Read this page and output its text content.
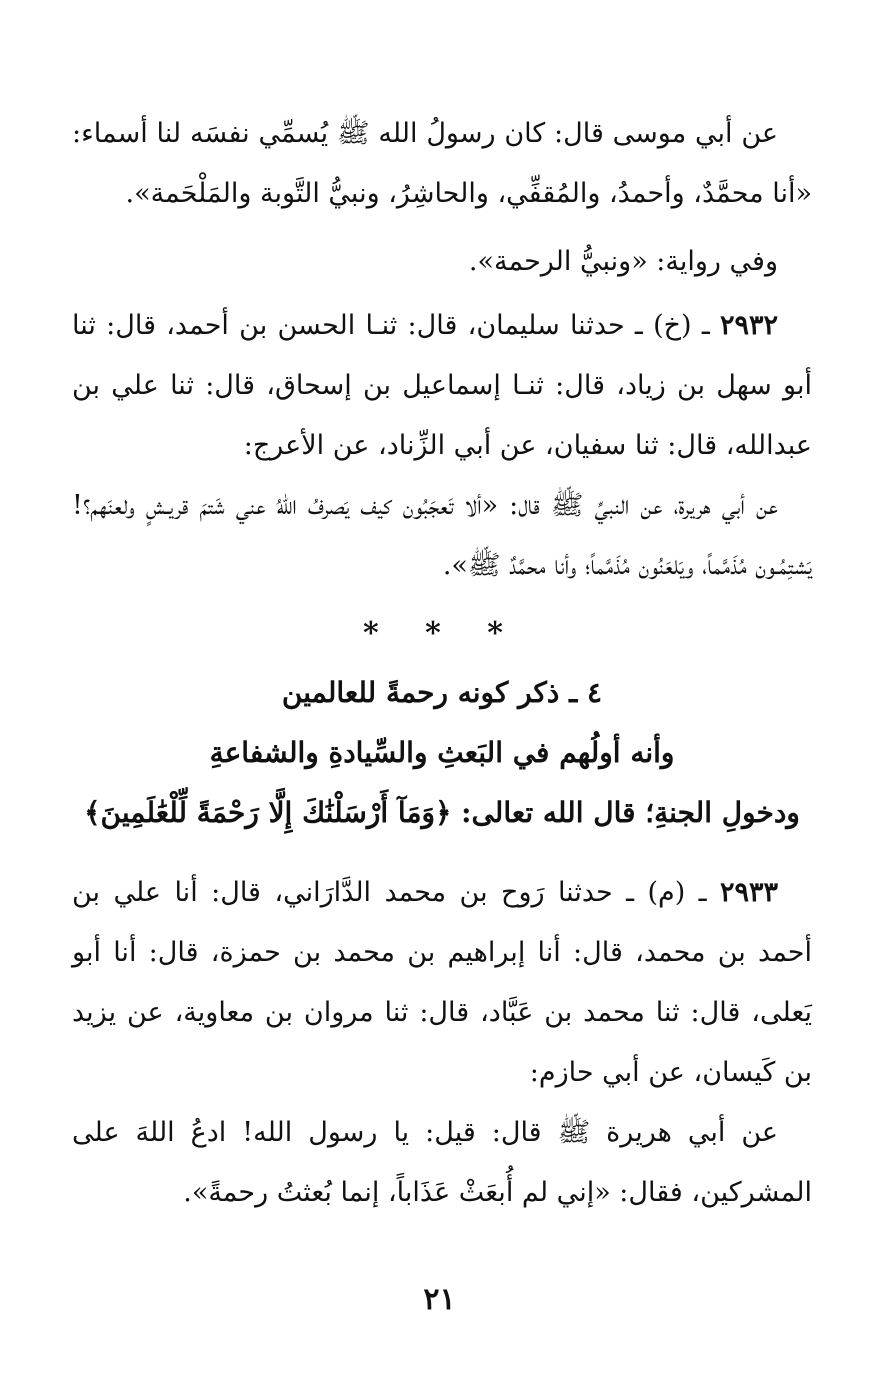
عن أبي موسى قال: كان رسولُ الله ﷺ يُسمِّي نفسَه لنا أسماء: «أنا محمَّدٌ، وأحمدُ، والمُقفِّي، والحاشِرُ، ونبيُّ التَّوبة والمَلْحَمة».

وفي رواية: «ونبيُّ الرحمة».

٢٩٣٢ ـ (خ) ـ حدثنا سليمان، قال: ثنـا الحسن بن أحمد، قال: ثنا أبو سهل بن زياد، قال: ثنـا إسماعيل بن إسحاق، قال: ثنا علي بن عبدالله، قال: ثنا سفيان، عن أبي الزِّناد، عن الأعرج:

عن أبي هريرة، عن النبيِّ ﷺ قال: «ألا تَعجَبُون كيف يَصرفُ اللهُ عني شَتمَ قريـشٍ ولعنَهم؟! يَشتِمُـون مُذَمَّماً، ويَلعَنُون مُذَمَّماً؛ وأنا محمَّدٌ ﷺ».

* * *

٤ ـ ذكر كونه رحمةً للعالمين

وأنه أولُهم في البَعثِ والسِّيادةِ والشفاعةِ

ودخولِ الجنةِ؛ قال الله تعالى: ﴿وَمَآ أَرْسَلْنَٰكَ إِلَّا رَحْمَةً لِّلْعَٰلَمِينَ﴾

٢٩٣٣ ـ (م) ـ حدثنا رَوح بن محمد الدَّارَاني، قال: أنا علي بن أحمد بن محمد، قال: أنا إبراهيم بن محمد بن حمزة، قال: أنا أبو يَعلى، قال: ثنا محمد بن عَبَّاد، قال: ثنا مروان بن معاوية، عن يزيد بن كَيسان، عن أبي حازم:

عن أبي هريرة ﷺ قال: قيل: يا رسول الله! ادعُ اللهَ على المشركين، فقال: «إني لم أُبعَثْ عَذَاباً، إنما بُعثتُ رحمةً».

٢١
